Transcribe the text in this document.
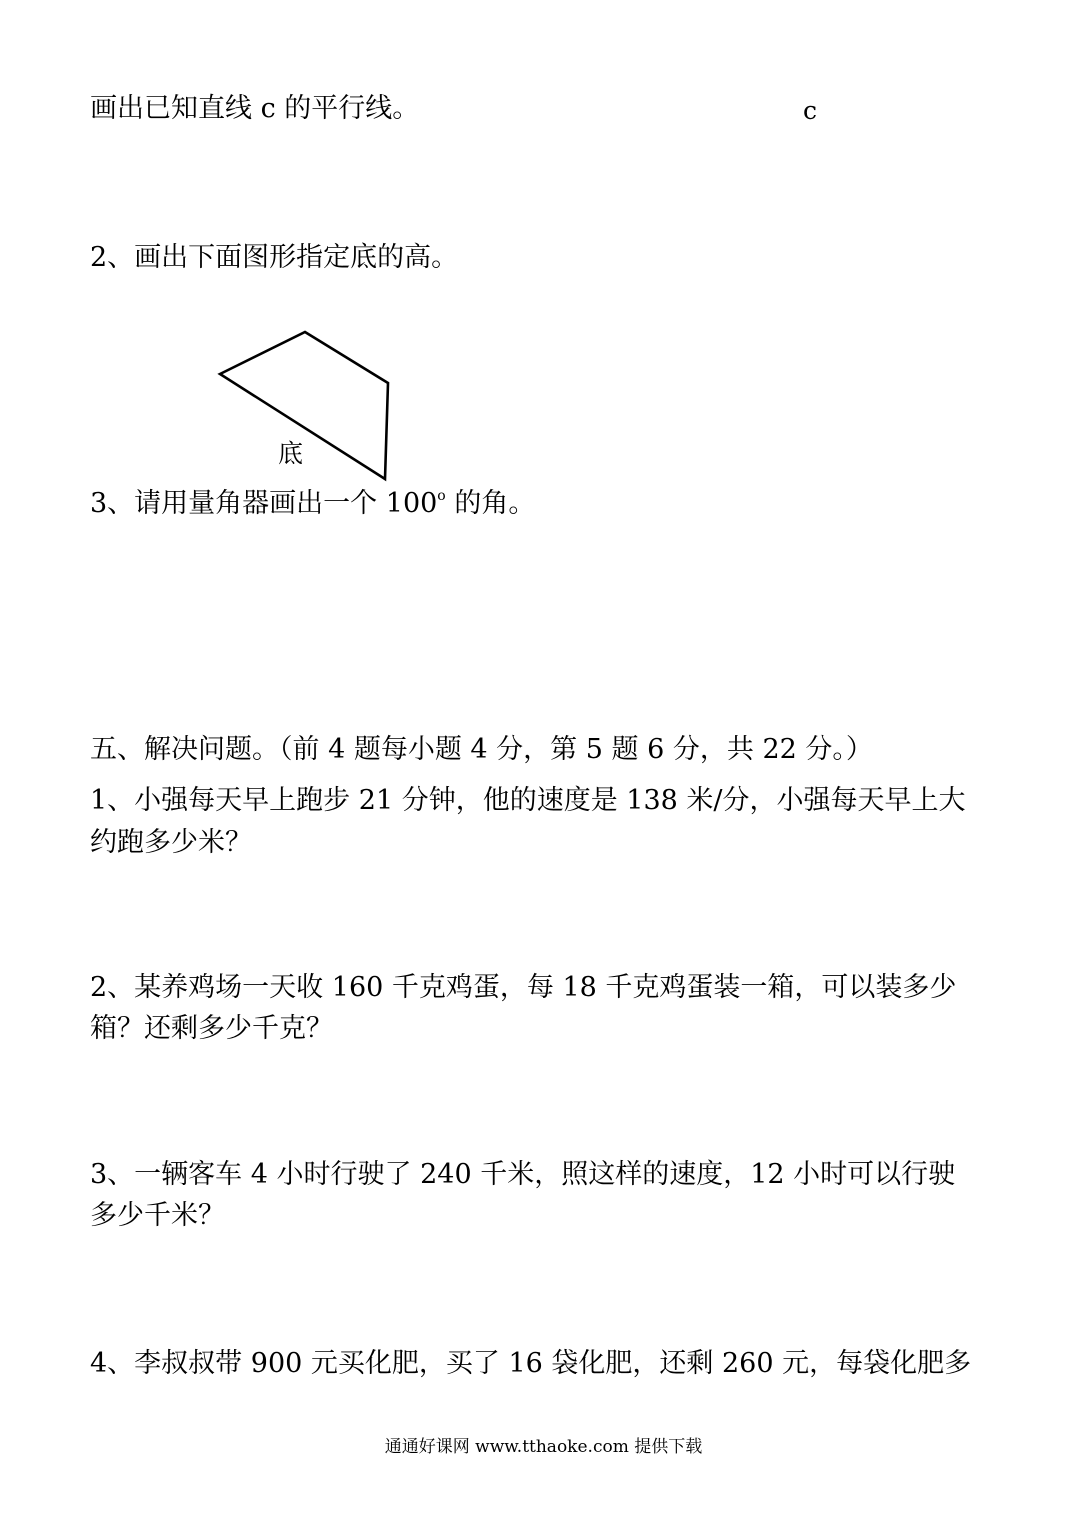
画出已知直线 c 的平行线。	c
2、画出下面图形指定底的高。
底
3、请用量角器画出一个 100$^o$ 的角。
五、解决问题。（前 4 题每小题 4 分，第 5 题 6 分，共 22 分。）
1、小强每天早上跑步 21 分钟，他的速度是 138 米/分，小强每天早上大
约跑多少米？
2、某养鸡场一天收 160 千克鸡蛋，每 18 千克鸡蛋装一箱，可以装多少
箱？还剩多少千克？
3、一辆客车 4 小时行驶了 240 千米，照这样的速度，12 小时可以行驶
多少千米？
4、李叔叔带 900 元买化肥，买了 16 袋化肥，还剩 260 元，每袋化肥多
通通好课网 www.tthaoke.com 提供下载
